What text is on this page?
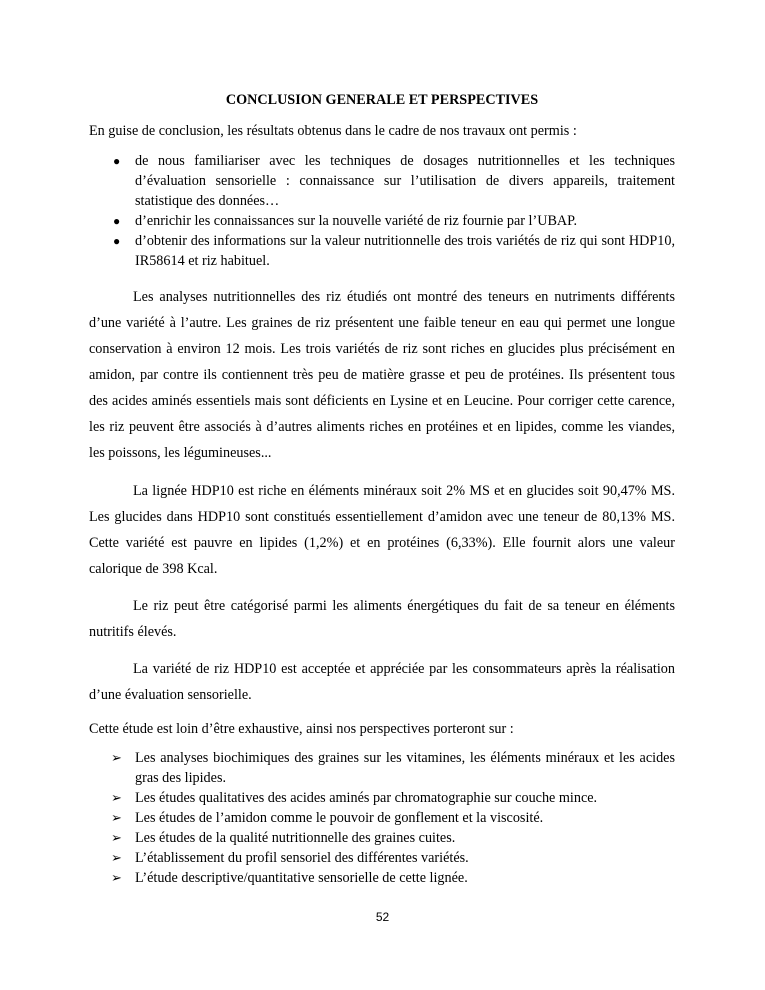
CONCLUSION GENERALE ET PERSPECTIVES

En guise de conclusion, les résultats obtenus dans le cadre de nos travaux ont permis :

● de nous familiariser avec les techniques de dosages nutritionnelles et les techniques d’évaluation sensorielle : connaissance sur l’utilisation de divers appareils, traitement statistique des données…
● d’enrichir les connaissances sur la nouvelle variété de riz fournie par l’UBAP.
● d’obtenir des informations sur la valeur nutritionnelle des trois variétés de riz qui sont HDP10, IR58614 et riz habituel.

Les analyses nutritionnelles des riz étudiés ont montré des teneurs en nutriments différents d’une variété à l’autre. Les graines de riz présentent une faible teneur en eau qui permet une longue conservation à environ 12 mois. Les trois variétés de riz sont riches en glucides plus précisément en amidon, par contre ils contiennent très peu de matière grasse et peu de protéines. Ils présentent tous des acides aminés essentiels mais sont déficients en Lysine et en Leucine. Pour corriger cette carence, les riz peuvent être associés à d’autres aliments riches en protéines et en lipides, comme les viandes, les poissons, les légumineuses...

La lignée HDP10 est riche en éléments minéraux soit 2% MS et en glucides soit 90,47% MS. Les glucides dans HDP10 sont constitués essentiellement d’amidon avec une teneur de 80,13% MS. Cette variété est pauvre en lipides (1,2%) et en protéines (6,33%). Elle fournit alors une valeur calorique de 398 Kcal.

Le riz peut être catégorisé parmi les aliments énergétiques du fait de sa teneur en éléments nutritifs élevés.

La variété de riz HDP10 est acceptée et appréciée par les consommateurs après la réalisation d’une évaluation sensorielle.

Cette étude est loin d’être exhaustive, ainsi nos perspectives porteront sur :

➢ Les analyses biochimiques des graines sur les vitamines, les éléments minéraux et les acides gras des lipides.
➢ Les études qualitatives des acides aminés par chromatographie sur couche mince.
➢ Les études de l’amidon comme le pouvoir de gonflement et la viscosité.
➢ Les études de la qualité nutritionnelle des graines cuites.
➢ L’établissement du profil sensoriel des différentes variétés.
➢ L’étude descriptive/quantitative sensorielle de cette lignée.
52
